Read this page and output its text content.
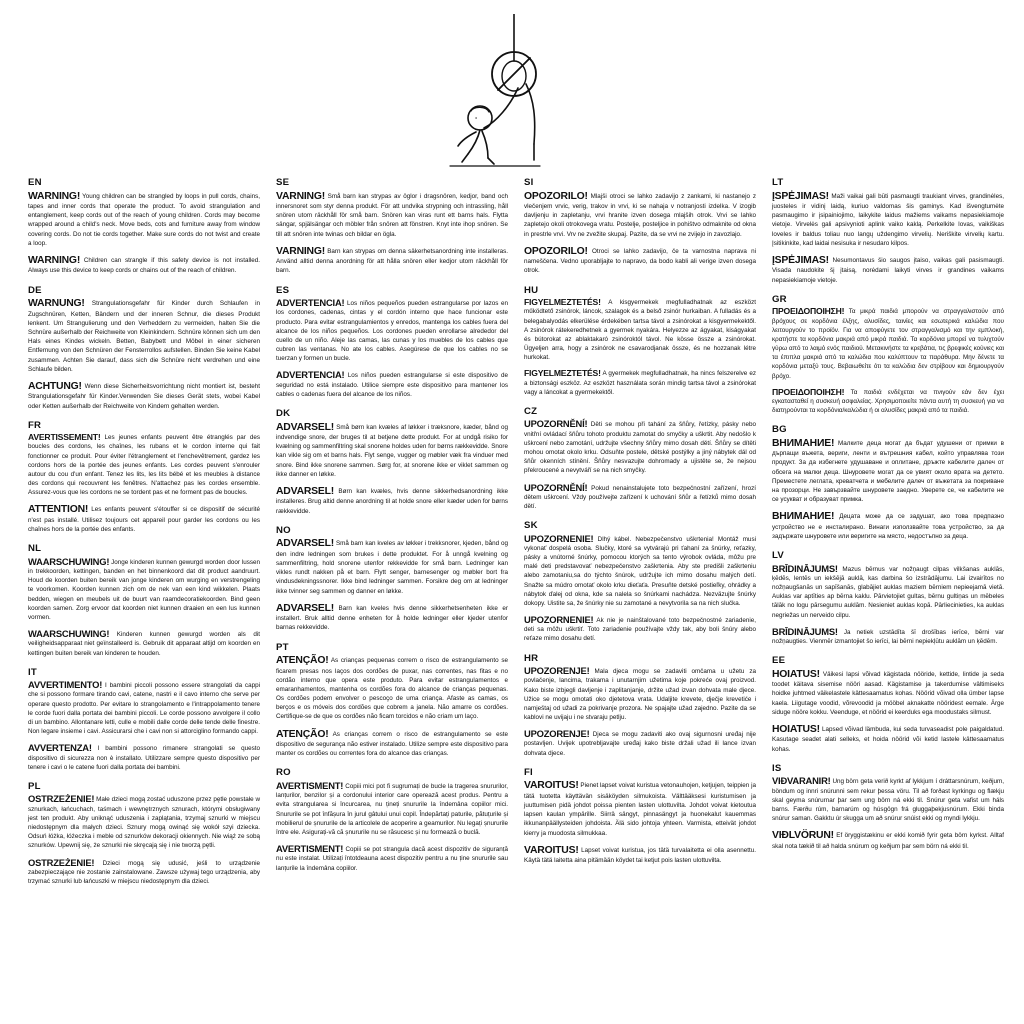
EN

WARNING! Young children can be strangled by loops in pull cords, chains, tapes and inner cords that operate the product. To avoid strangulation and entanglement, keep cords out of the reach of young children. Cords may become wrapped around a child's neck. Move beds, cots and furniture away from window covering cords. Do not tie cords together. Make sure cords do not twist and create a loop.

WARNING! Children can strangle if this safety device is not installed. Always use this device to keep cords or chains out of the reach of children.

DE

WARNUNG! Strangulationsgefahr für Kinder durch Schlaufen in Zugschnüren, Ketten, Bändern und der inneren Schnur, die dieses Produkt lenkent. Um Strangulierung und den Verheddern zu vermeiden, halten Sie die Schnüre außerhalb der Reichweite von Kleinkindern. Schnüre können sich um den Hals eines Kindes wickeln. Betten, Babybett und Möbel in einer sicheren Entfernung von den Schnüren der Fensterrollos aufstellen. Binden Sie keine Kabel zusammen. Achten Sie darauf, dass sich die Schnüre nicht verdrehen und eine Schlaufe bilden.

ACHTUNG! Wenn diese Sicherheitsvorrichtung nicht montiert ist, besteht Strangulationsgefahr für Kinder.Verwenden Sie dieses Gerät stets, wobei Kabel oder Ketten außerhalb der Reichweite von Kindern gehalten werden.

FR

AVERTISSEMENT! Les jeunes enfants peuvent être étranglés par des boucles des cordons, les chaînes, les rubans et le cordon interne qui fait fonctionner ce produit. Pour éviter l'étranglement et l'enchevêtrement, gardez les cordons hors de la portée des jeunes enfants. Les cordes peuvent s'enrouler autour du cou d'un enfant. Tenez les lits, les lits bébé et les meubles à distance des cordons qui recouvrent les fenêtres. N'attachez pas les cordes ensemble. Assurez-vous que les cordons ne se tordent pas et ne forment pas de boucles.

ATTENTION! Les enfants peuvent s'étouffer si ce dispositif de sécurité n'est pas installé. Utilisez toujours cet appareil pour garder les cordons ou les chaînes hors de la portée des enfants.

NL

WAARSCHUWING! Jonge kinderen kunnen gewurgd worden door lussen in trekkoorden, kettingen, banden en het binnenkoord dat dit product aandruurt. Houd de koorden buiten bereik van jonge kinderen om wurging en verstrengeling te voorkomen. Koorden kunnen zich om de nek van een kind wikkelen. Plaats bedden, wiegen en meubels uit de buurt van raamdecoratiekoorden. Bind geen koorden samen. Zorg ervoor dat koorden niet kunnen draaien en een lus kunnen vormen.

WAARSCHUWING! Kinderen kunnen gewurgd worden als dit veiligheidsapparaat niet geïnstalleerd is. Gebruik dit apparaat altijd om koorden en kettingen buiten bereik van kinderen te houden.

IT

AVVERTIMENTO! I bambini piccoli possono essere strangolati da cappi che si possono formare tirando cavi, catene, nastri e il cavo interno che serve per operare questo prodotto. Per evitare lo strangolamento e l'intrappolamento tenere le corde fuori dalla portata dei bambini piccoli. Le corde possono avvolgere il collo di un bambino. Allontanare letti, culle e mobili dalle corde delle tende delle finestre. Non legare insieme i cavi. Assicurarsi che i cavi non si attorciglino formando cappi.

AVVERTENZA! I bambini possono rimanere strangolati se questo dispositivo di sicurezza non è installato. Utilizzare sempre questo dispositivo per tenere i cavi o le catene fuori dalla portata dei bambini.

PL

OSTRZEŻENIE! Małe dzieci mogą zostać uduszone przez pętle powstałe w sznurkach, łańcuchach, taśmach i wewnętrznych sznurach, którymi obsługiwany jest ten produkt. Aby uniknąć uduszenia i zaplątania, trzymaj sznurki w miejscu niedostępnym dla małych dzieci. Sznury mogą owinąć się wokół szyi dziecka. Odsuń łóżka, łóżeczka i meble od sznurków dekoracji okiennych. Nie wiąż ze sobą sznurków. Upewnij się, że sznurki nie skręcają się i nie tworzą pętli.

OSTRZEŻENIE! Dzieci mogą się udusić, jeśli to urządzenie zabezpieczające nie zostanie zainstalowane. Zawsze używaj tego urządzenia, aby trzymać sznurki lub łańcuszki w miejscu niedostępnym dla dzieci.

SE

VARNING! Små barn kan strypas av öglor i dragsnören, kedjor, band och innersnoret som styr denna produkt. För att undvika strypning och intrassling, håll snören utom räckhåll för små barn. Snören kan viras runt ett barns hals. Flytta sängar, spjälsängar och möbler från snören att fönstren. Knyt inte ihop snören. Se till att snören inte twinas och bildar en ögla.

VARNING! Barn kan strypas om denna säkerhetsanordning inte installeras. Använd alltid denna anordning för att hålla snören eller kedjor utom räckhåll för barn.

ES

ADVERTENCIA! Los niños pequeños pueden estrangularse por lazos en los cordones, cadenas, cintas y el cordón interno que hace funcionar este producto. Para evitar estrangulamientos y enredos, mantenga los cables fuera del alcance de los niños pequeños. Los cordones pueden enrollarse alrededor del cuello de un niño. Aleje las camas, las cunas y los muebles de los cables que cubren las ventanas. No ate los cables. Asegúrese de que los cables no se tuerzan y formen un bucle.

ADVERTENCIA! Los niños pueden estrangularse si este dispositivo de seguridad no está instalado. Utilice siempre este dispositivo para mantener los cables o cadenas fuera del alcance de los niños.

DK

ADVARSEL! Små børn kan kvæles af løkker i træksnore, kæder, bånd og indvendige snore, der bruges til at betjene dette produkt. For at undgå risiko for kvælning og sammenfiltring skal snorene holdes uden for børns rækkevidde. Snore kan vikle sig om et barns hals. Flyt senge, vugger og møbler væk fra vinduer med snore. Bind ikke snorene sammen. Sørg for, at snorene ikke er viklet sammen og ikke danner en løkke.

ADVARSEL! Børn kan kvæles, hvis denne sikkerhedsanordning ikke installeres. Brug altid denne anordning til at holde snore eller kæder uden for børns rækkevidde.

NO

ADVARSEL! Små barn kan kveles av løkker i trekksnorer, kjeden, bånd og den indre ledningen som brukes i dette produktet. For å unngå kvelning og sammenfiltring, hold snorene utenfor rekkevidde for små barn. Ledninger kan vikles rundt nakken på et barn. Flytt senger, barnesenger og møbler bort fra vindusdekningssnorer. Ikke bind ledninger sammen. Forsikre deg om at ledninger ikke tvinner seg sammen og danner en løkke.

ADVARSEL! Barn kan kveles hvis denne sikkerhetsenheten ikke er installert. Bruk alltid denne enheten for å holde ledninger eller kjeder utenfor barnas rekkevidde.

PT

ATENÇÃO! As crianças pequenas correm o risco de estrangulamento se ficarem presas nos laços dos cordões de puxar, nas correntes, nas fitas e no cordão interno que opera este produto. Para evitar estrangulamentos e emaranhamentos, mantenha os cordões fora do alcance de crianças pequenas. Os cordões podem envolver o pescoço de uma criança. Afaste as camas, os berços e os móveis dos cordões que cobrem a janela. Não amarre os cordões. Certifique-se de que os cordões não ficam torcidos e não criam um laço.

ATENÇÃO! As crianças correm o risco de estrangulamento se este dispositivo de segurança não estiver instalado. Utilize sempre este dispositivo para manter os cordões ou correntes fora do alcance das crianças.

RO

AVERTISMENT! Copiii mici pot fi sugrumați de bucle la tragerea snururilor, lanțurilor, benzilor și a cordonului interior care operează acest produs. Pentru a evita strangularea si încurcarea, nu țineți snururile la îndemâna copiilor mici. Snururile se pot înfășura în jurul gâtului unui copil. Îndepărtați paturile, pătuțurile și mobilierul de șnururile de la articolele de acoperire a geamurilor. Nu legați șnururile între ele. Asigurați-vă că șnururile nu se răsucesc și nu formează o buclă.

AVERTISMENT! Copiii se pot strangula dacă acest dispozitiv de siguranță nu este instalat. Utilizați întotdeauna acest dispozitiv pentru a nu ține snururile sau lanțurile la îndemâna copiilor.

SI

OPOZORILO! Mlajši otroci se lahko zadavijo z zankami, ki nastanejo z vlečenjem vrvic, verig, trakov in vrvi, ki se nahaja v notranjosti izdelka. V izogib davljenju in zapletanju, vrvi hranite izven dosega mlajših otrok. Vrvi se lahko zapletejo okoli otrokovega vratu. Postelje, posteljice in pohištvo odmaknite od okna in prestrle vrvi. Vrv ne zvežite skupaj. Pazite, da se vrvi ne zvijejo in zavozlajo.

OPOZORILO! Otroci se lahko zadavijo, če ta varnostna naprava ni nameščena. Vedno uporabljajte to napravo, da bodo kabli ali verige izven dosega otrok.

HU

FIGYELMEZTETÉS! A kisgyermekek megfulladhatnak az eszközt működtető zsinórok, láncok, szalagok és a belső zsinór hurkaiban. A fulladás és a belegabalyodás elkerülése érdekében tartsa távol a zsinórokat a kisgyermekektől. A zsinórok rátekeredhetnek a gyermek nyakára. Helyezze az ágyakat, kiságyakat és bútorokat az ablaktakaró zsinóroktól távol. Ne kösse össze a zsinórokat. Ügyeljen arra, hogy a zsinórok ne csavarodjanak össze, és ne hozzanak létre hurkokat.

FIGYELMEZTETÉS! A gyermekek megfulladhatnak, ha nincs felszerelve ez a biztonsági eszköz. Az eszközt használata során mindig tartsa távol a zsinórokat vagy a láncokat a gyermekektől.

CZ

UPOZORNĚNÍ! Děti se mohou při tahání za šňůry, řetízky, pásky nebo vnitřní ovládací šňůru tohoto produktu zamotat do smyčky a uškrtit. Aby nedošlo k uškrcení nebo zamotání, udržujte všechny šňůry mimo dosah dětí. Šňůry se dítěti mohou omotat okolo krku. Odsuňte postele, dětské postýlky a jiný nábytek dál od šňůr okenních stínění. Šňůry nesvazujte dohromady a ujistěte se, že nejsou překroucené a nevytváří se na nich smyčky.

UPOZORNĚNÍ! Pokud nenainstalujete toto bezpečnostní zařízení, hrozí dětem uškrcení. Vždy používejte zařízení k uchování šňůr a řetízků mimo dosah dětí.

SK

UPOZORNENIE! Dlhý kábel. Nebezpečenstvo uškrtenia! Montáž musi vykonať dospelá osoba. Slučky, ktoré sa vytvárajú pri ťahaní za šnúrky, reťazky, pásky a vnútorné šnúrky, pomocou ktorých sa tento výrobok ovláda, môžu pre malé deti predstavovať nebezpečenstvo zaškrtenia. Aby ste predišli zaškrteniu alebo zamotaniu,sa do týchto šnúrok, udržujte ich mimo dosahu malých detí. Snažte sa múdro omotať okolo krku dieťaťa. Presuňte detské postieľky, ohrádky a nábytok ďalej od okna, kde sa nalela so šnúrkami nachádza. Nezväzujte šnúrky dokopy. Uistite sa, že šnúrky nie su zamotané a nevytvorila sa na nich slučka.

UPOZORNENIE! Ak nie je nainštalované toto bezpečnostné zariadenie, deti sa môžu uškrtiť. Toto zariadenie používajte vždy tak, aby boli šnúry alebo reťaze mimo dosahu detí.

HR

UPOZORENJE! Mala djeca mogu se zadaviti omčama u užetu za povlačenje, lancima, trakama i unutarnjim užetima koje pokreće ovaj proizvod. Kako biste izbjegli davljenje i zaplitanjanje, držite užad izvan dohvata male djece. Užice se mogu omotati oko djetetova vrata. Udaljite krevete, dječje krevetiće i namještaj od užadi za pokrivanje prozora. Ne spajajte užad zajedno. Pazite da se kablovi ne uvijaju i ne stvaraju petlju.

UPOZORENJE! Djeca se mogu zadaviti ako ovaj sigurnosni uređaj nije postavljen. Uvijek upotrebljavajte uređaj kako biste držali užad ili lance izvan dohvata djece.

FI

VAROITUS! Pienet lapset voivat kuristua vetonauhojen, ketjujen, teippien ja tätä tuotetta käyttävän sisäköyden silmukoista. Välttääksesi kuristumisen ja juuttumisen pidä johdot poissa pienten lasten ulottuvilta. Johdot voivat kietoutua lapsen kaulan ympärille. Siirrä sängyt, pinnasängyt ja huonekalut kauemmas ikkunanpäällysteiden johdoista. Älä sido johtoja yhteen. Varmista, etteivät johdot kierry ja muodosta silmukkaa.

VAROITUS! Lapset voivat kuristua, jos tätä turvalaitetta ei olla asennettu. Käytä tätä laitetta aina pitämään köydet tai ketjut pois lasten ulottuvilta.

LT

ĮSPĖJIMAS! Maži vaikai gali būti pasmaugti traukiant virves, grandinėles, juosteles ir vidinį laidą, kuriuo valdomas šis gaminys. Kad išvengtumėte pasmaugimo ir įsipainiojimo, laikykite laidus mažiems vaikams nepasiekiamoje vietoje. Virvelės gali apsivynioti aplink vaiko kaklą. Perkelkite lovas, vaikiškas loveles ir baldus toliau nuo langų uždengimo virvelių. Neriškite virvelių kartu. Įsitikinkite, kad laidai nesisuka ir nesudaro kilpos.

ĮSPĖJIMAS! Nesumontavus šio saugos įtaiso, vaikas gali pasismaugti. Visada naudokite šį įtaisą, norėdami laikyti virves ir grandines vaikams nepasiekiamoje vietoje.

GR

ΠΡΟΕΙΔΟΠΟΙΗΣΗ! Τα μικρά παιδιά μπορούν να στραγγαλιστούν από βρόχους σε κορδόνια έλξης, αλυσίδες, ταινίες και εσωτερικά καλώδια που λειτουργούν το προϊόν. Για να αποφύγετε τον στραγγαλισμό και την εμπλοκή, κρατήστε τα κορδόνια μακριά από μικρά παιδιά. Τα κορδόνια μπορεί να τυλιχτούν γύρω από το λαιμό ενός παιδιού. Μετακινήστε τα κρεβάτια, τις βρεφικές κούνιες και τα έπιπλα μακριά από τα καλώδια που καλύπτουν τα παράθυρα. Μην δένετε τα κορδόνια μεταξύ τους. Βεβαιωθείτε ότι τα καλώδια δεν στρίβουν και δημιουργούν βρόχο.

ΠΡΟΕΙΔΟΠΟΙΗΣΗ! Τα παιδιά ενδέχεται να πνιγούν εάν δεν έχει εγκατασταθεί η συσκευή ασφαλείας. Χρησιμοποιείτε πάντα αυτή τη συσκευή για να διατηρούνται τα κορδόνια/καλώδια ή οι αλυσίδες μακριά από τα παιδιά.

BG

ВНИМАНИЕ! Малките деца могат да бъдат удушени от примки в дърпащи въжета, вериги, ленти и вътрешния кабел, който управлява този продукт. За да избегнете удушаване и оплитане, дръжте кабелите далеч от обсега на малки деца. Шнуровете могат да се увият около врата на детето. Преместете леглата, креватчета и мебелите далеч от въжетата за покриване на прозорци. Не завързвайте шнуровете заедно. Уверете се, че кабелите не се усукват и образуват примка.

ВНИМАНИЕ! Децата може да се задушат, ако това предпазно устройство не е инсталирано. Винаги използвайте това устройство, за да задържате шнуровете или веригите на място, недостъпно за деца.

LV

BRĪDINĀJUMS! Mazus bērnus var nožņaugt cilpas vilkšanas auklās, ķēdēs, lentēs un iekšējā auklā, kas darbina šo izstrādājumu. Lai izvairītos no nožņaugšanās un sapīšanās, glabājiet auklas maziem bērniem nepieejamā vietā. Auklas var aptīties ap bērna kaklu. Pārvietojiet gultas, bērnu gultiņas un mēbeles tālāk no logu pārsegumu auklām. Nesieniet auklas kopā. Pārliecinieties, ka auklas negriežas un nerveido cilpu.

BRĪDINĀJUMS! Ja netiek uzstādīta šī drošības ierīce, bērni var nožņaugties. Vienmēr izmantojiet šo ierīci, lai bērni nepiekļūtu auklām un ķēdēm.

EE

HOIATUS! Väikesi lapsi võivad kägistada nööride, kettide, lintide ja seda toodet käitava sisemise nööri aasad. Kägistamise ja takerdumise vältimiseks hoidke juhtmed väikelastele kättesaamatus kohas. Nöörid võivad olla ümber lapse kaela. Liigutage voodid, võrevoodid ja mööbel aknakatte nööridest eemale. Ärge siduge nööre kokku. Veenduge, et nöörid ei keerduks ega moodustaks silmust.

HOIATUS! Lapsed võivad lämbuda, kui seda turvaseadist pole paigaldatud. Kasutage seadet alati selleks, et hoida nöörid või ketid lastele kättesaamatus kohas.

IS

VIÐVARANIR! Ung börn geta verið kyrkt af lykkjum í dráttarsnúrum, keðjum, böndum og innri snúrunni sem rekur þessa vöru. Til að forðast kyrkingu og flækju skal geyma snúrurnar þar sem ung börn ná ekki til. Snúrur geta vafist um háls barns. Færðu rúm, barnarúm og húsgögn frá gluggaþekjusnúrum. Ekki binda snúrur saman. Gakktu úr skugga um að snúrur snúist ekki og myndi lykkju.

VIÐLVÖRUN! Ef öryggistækinu er ekki komið fyrir geta börn kyrkst. Alltaf skal nota tækið til að halda snúrum og keðjum þar sem börn ná ekki til.
